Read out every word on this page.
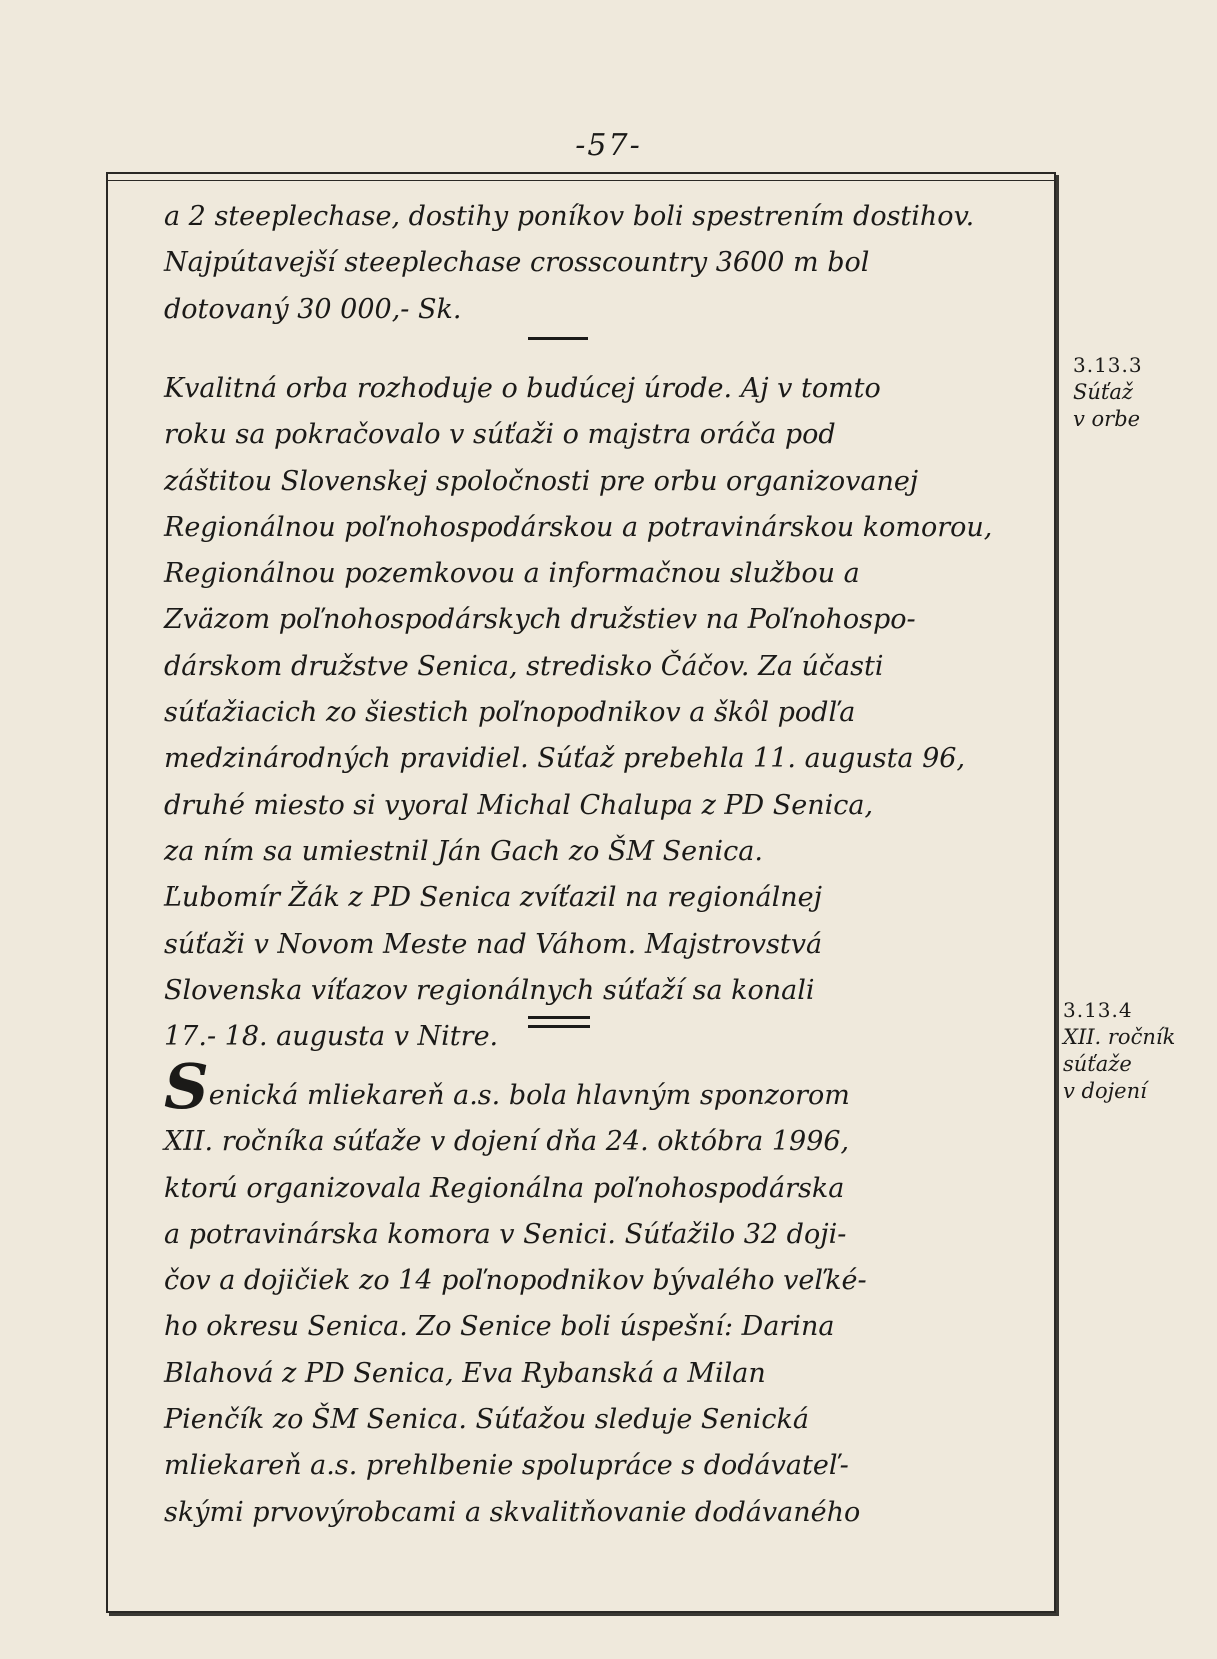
-57-
a 2 steeplechase, dostihy poníkov boli spestrením dostihov.
Najpútavejší steeplechase crosscountry 3600 m bol
dotovaný 30 000,- Sk.
Kvalitná orba rozhoduje o budúcej úrode. Aj v tomto
roku sa pokračovalo v súťaži o majstra oráča pod
záštitou Slovenskej spoločnosti pre orbu organizovanej
Regionálnou poľnohospodárskou a potravinárskou komorou,
Regionálnou pozemkovou a informačnou službou a
Zväzom poľnohospodárskych družstiev na Poľnohospo-
dárskom družstve Senica, stredisko Čáčov. Za účasti
súťažiacich zo šiestich poľnopodnikov a škôl podľa
medzinárodných pravidiel. Súťaž prebehla 11. augusta 96,
druhé miesto si vyoral Michal Chalupa z PD Senica,
za ním sa umiestnil Ján Gach zo ŠM Senica.
Ľubomír Žák z PD Senica zvíťazil na regionálnej
súťaži v Novom Meste nad Váhom. Majstrovstvá
Slovenska víťazov regionálnych súťaží sa konali
17.- 18. augusta v Nitre.
Senická mliekareň a.s. bola hlavným sponzorom
XII. ročníka súťaže v dojení dňa 24. októbra 1996,
ktorú organizovala Regionálna poľnohospodárska
a potravinárska komora v Senici. Súťažilo 32 doji-
čov a dojičiek zo 14 poľnopodnikov bývalého veľké-
ho okresu Senica. Zo Senice boli úspešní: Darina
Blahová z PD Senica, Eva Rybanská a Milan
Pienčík zo ŠM Senica. Súťažou sleduje Senická
mliekareň a.s. prehlbenie spolupráce s dodávateľ-
skými prvovýrobcami a skvalitňovanie dodávaného
3.13.3
Súťaž
v orbe
3.13.4
XII. ročník
súťaže
v dojení
